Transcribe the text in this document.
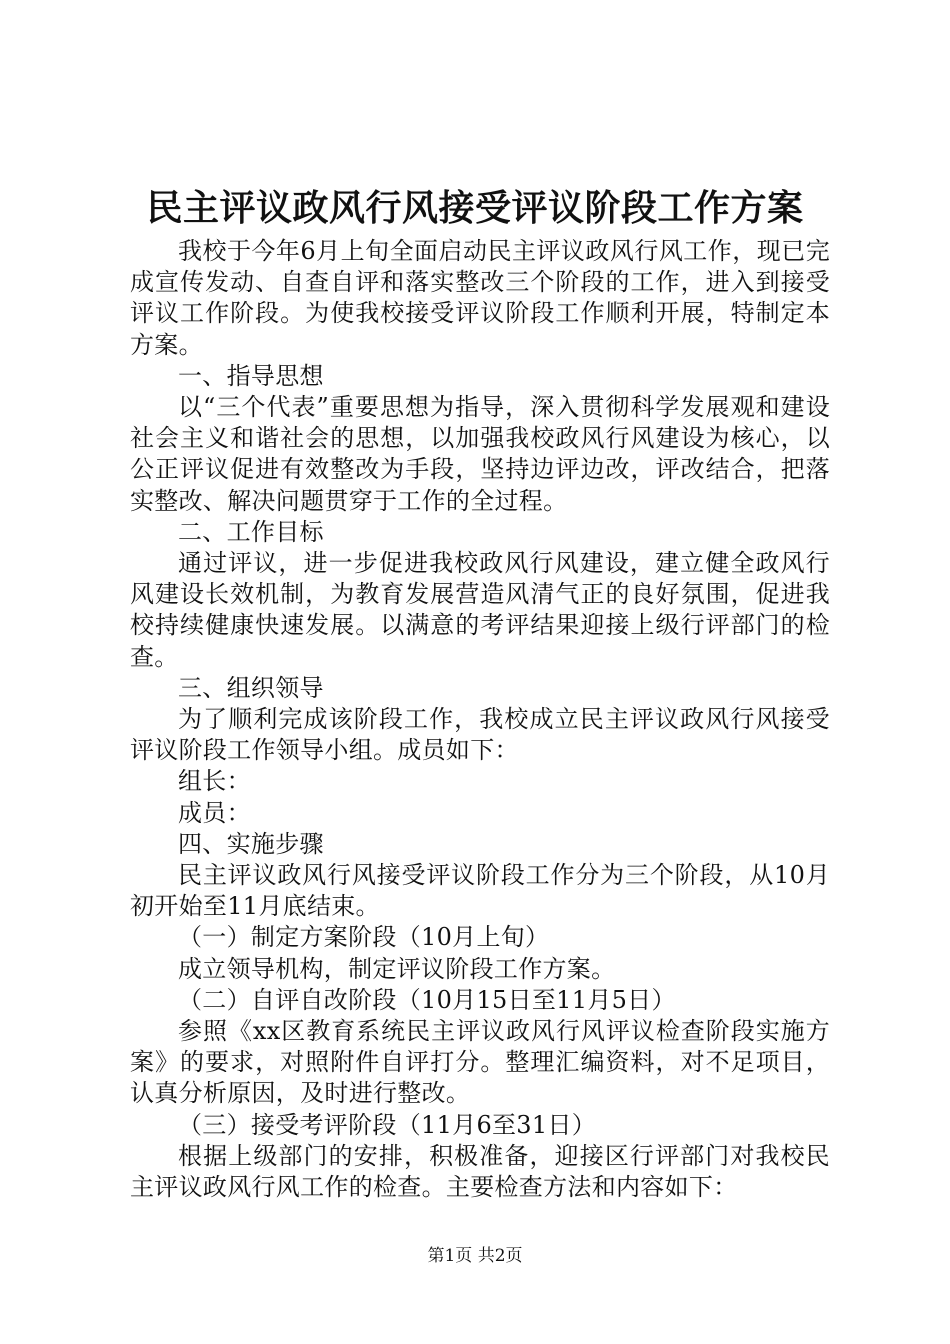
民主评议政风行风接受评议阶段工作方案

我校于今年6月上旬全面启动民主评议政风行风工作，现已完成宣传发动、自查自评和落实整改三个阶段的工作，进入到接受评议工作阶段。为使我校接受评议阶段工作顺利开展，特制定本方案。

一、指导思想

以“三个代表”重要思想为指导，深入贯彻科学发展观和建设社会主义和谐社会的思想，以加强我校政风行风建设为核心，以公正评议促进有效整改为手段，坚持边评边改，评改结合，把落实整改、解决问题贯穿于工作的全过程。

二、工作目标

通过评议，进一步促进我校政风行风建设，建立健全政风行风建设长效机制，为教育发展营造风清气正的良好氛围，促进我校持续健康快速发展。以满意的考评结果迎接上级行评部门的检查。

三、组织领导

为了顺利完成该阶段工作，我校成立民主评议政风行风接受评议阶段工作领导小组。成员如下：

组长：

成员：

四、实施步骤

民主评议政风行风接受评议阶段工作分为三个阶段，从10月初开始至11月底结束。

（一）制定方案阶段（10月上旬）

成立领导机构，制定评议阶段工作方案。

（二）自评自改阶段（10月15日至11月5日）

参照《xx区教育系统民主评议政风行风评议检查阶段实施方案》的要求，对照附件自评打分。整理汇编资料，对不足项目，认真分析原因，及时进行整改。

（三）接受考评阶段（11月6至31日）

根据上级部门的安排，积极准备，迎接区行评部门对我校民主评议政风行风工作的检查。主要检查方法和内容如下：

第1页 共2页
